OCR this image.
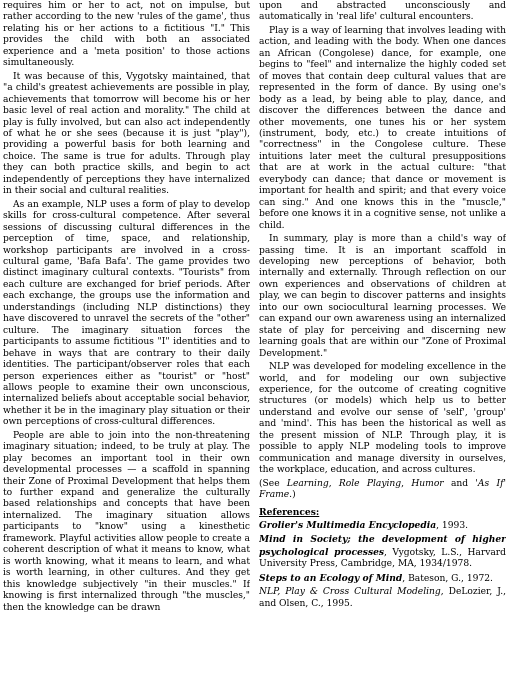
requires him or her to act, not on impulse, but rather according to the new 'rules of the game', thus relating his or her actions to a fictitious "I." This provides the child with both an associated experience and a 'meta position' to those actions simultaneously.

It was because of this, Vygotsky maintained, that "a child's greatest achievements are possible in play, achievements that tomorrow will become his or her basic level of real action and morality." The child at play is fully involved, but can also act independently of what he or she sees (because it is just "play"), providing a powerful basis for both learning and choice. The same is true for adults. Through play they can both practice skills, and begin to act independently of perceptions they have internalized in their social and cultural realities.

As an example, NLP uses a form of play to develop skills for cross-cultural competence. After several sessions of discussing cultural differences in the perception of time, space, and relationship, workshop participants are involved in a cross-cultural game, 'Bafa Bafa'. The game provides two distinct imaginary cultural contexts. "Tourists" from each culture are exchanged for brief periods. After each exchange, the groups use the information and understandings (including NLP distinctions) they have discovered to unravel the secrets of the "other" culture. The imaginary situation forces the participants to assume fictitious "I" identities and to behave in ways that are contrary to their daily identities. The participant/observer roles that each person experiences either as "tourist" or "host" allows people to examine their own unconscious, internalized beliefs about acceptable social behavior, whether it be in the imaginary play situation or their own perceptions of cross-cultural differences.

People are able to join into the non-threatening imaginary situation; indeed, to be truly at play. The play becomes an important tool in their own developmental processes — a scaffold in spanning their Zone of Proximal Development that helps them to further expand and generalize the culturally based relationships and concepts that have been internalized. The imaginary situation allows participants to "know" using a kinesthetic framework. Playful activities allow people to create a coherent description of what it means to know, what is worth knowing, what it means to learn, and what is worth learning, in other cultures. And they get this knowledge subjectively "in their muscles." If knowing is first internalized through "the muscles," then the knowledge can be drawn

upon and abstracted unconsciously and automatically in 'real life' cultural encounters.

Play is a way of learning that involves leading with action, and leading with the body. When one dances an African (Congolese) dance, for example, one begins to "feel" and internalize the highly coded set of moves that contain deep cultural values that are represented in the form of dance. By using one's body as a lead, by being able to play, dance, and discover the differences between the dance and other movements, one tunes his or her system (instrument, body, etc.) to create intuitions of "correctness" in the Congolese culture. These intuitions later meet the cultural presuppositions that are at work in the actual culture: "that everybody can dance; that dance or movement is important for health and spirit; and that every voice can sing." And one knows this in the "muscle," before one knows it in a cognitive sense, not unlike a child.

In summary, play is more than a child's way of passing time. It is an important scaffold in developing new perceptions of behavior, both internally and externally. Through reflection on our own experiences and observations of children at play, we can begin to discover patterns and insights into our own sociocultural learning processes. We can expand our own awareness using an internalized state of play for perceiving and discerning new learning goals that are within our "Zone of Proximal Development."

NLP was developed for modeling excellence in the world, and for modeling our own subjective experience, for the outcome of creating cognitive structures (or models) which help us to better understand and evolve our sense of 'self', 'group' and 'mind'. This has been the historical as well as the present mission of NLP. Through play, it is possible to apply NLP modeling tools to improve communication and manage diversity in ourselves, the workplace, education, and across cultures.

(See Learning, Role Playing, Humor and 'As If' Frame.)

References:

Grolier's Multimedia Encyclopedia, 1993.

Mind in Society; the development of higher psychological processes, Vygotsky, L.S., Harvard University Press, Cambridge, MA, 1934/1978.

Steps to an Ecology of Mind, Bateson, G., 1972.

NLP, Play & Cross Cultural Modeling, DeLozier, J., and Olsen, C., 1995.
